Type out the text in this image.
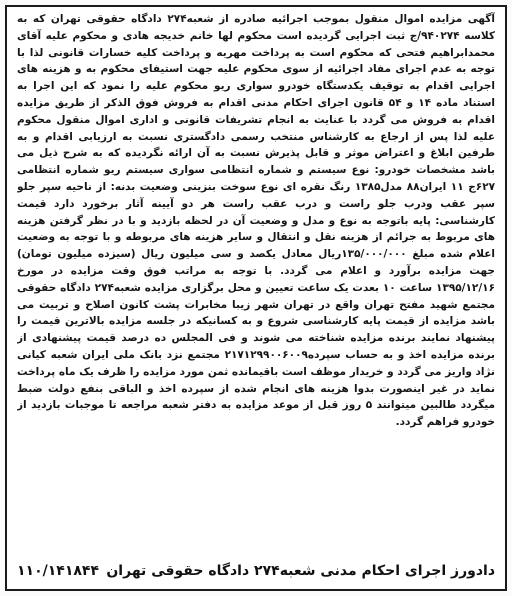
آگهی مزایده اموال منقول بموجب اجرائیه صادره از شعبه۲۷۴ دادگاه حقوقی تهران که به کلاسه ۹۴۰۲۷۴/ج ثبت اجرایی گردیده است محکوم لها خانم خدیجه هادی و محکوم علیه آقای محمدابراهیم فتحی که محکوم است به پرداخت مهریه و پرداخت کلیه خسارات قانونی لذا با توجه به عدم اجرای مفاد اجرائیه از سوی محکوم علیه جهت استیفای محکوم به و هزینه های اجرایی اقدام به توقیف یکدستگاه خودرو سواری ریو محکوم علیه را نمود که این اجرا به استناد ماده ۱۴ و ۵۴ قانون اجرای احکام مدنی اقدام به فروش فوق الذکر از طریق مزایده اقدام به فروش می گردد با عنایت به انجام تشریفات قانونی و اداری اموال منقول محکوم علیه لذا پس از ارجاع به کارشناس منتخب رسمی دادگستری نسبت به ارزیابی اقدام و به طرفین ابلاغ و اعتراض موثر و قابل پذیرش نسبت به آن ارائه نگردیده که به شرح ذیل می باشد مشخصات خودرو: نوع سیستم و شماره انتظامی سواری سیستم ریو شماره انتظامی ۶۲۷ج ۱۱ ایران۸۸ مدل۱۳۸۵ رنگ نقره ای نوع سوخت بنزینی وضعیت بدنه: از ناحیه سپر جلو سپر عقب ودرب جلو راست و درب عقب راست هر دو آیینه آثار برخورد دارد قیمت کارشناسی: پایه باتوجه به نوع و مدل و وضعیت آن در لحظه بازدید و با در نظر گرفتن هزینه های مربوط به جرائم از هزینه نقل و انتقال و سایر هزینه های مربوطه و با توجه به وضعیت اعلام شده مبلغ ۱۳۵/۰۰۰/۰۰۰ریال معادل یکصد و سی میلیون ریال (سیزده میلیون تومان) جهت مزایده برآورد و اعلام می گردد. با توجه به مراتب فوق وقت مزایده در مورخ ۱۳۹۵/۱۲/۱۶ ساعت ۱۰ بعدت یک ساعت تعیین و محل برگزاری مزایده شعبه۲۷۴ دادگاه حقوقی مجتمع شهید مفتح تهران واقع در تهران شهر زیبا مخابرات پشت کانون اصلاح و تربیت می باشد مزایده از قیمت پایه کارشناسی شروع و به کسانیکه در جلسه مزایده بالاترین قیمت را پیشنهاد نمایند برنده مزایده شناخته می شوند و فی المجلس ده درصد قیمت پیشنهادی از برنده مزایده اخذ و به حساب سپرده۲۱۷۱۲۹۹۰۰۶۰۰۹ مجتمع نزد بانک ملی ایران شعبه کیانی نژاد واریز می گردد و خریدار موظف است باقیمانده ثمن مورد مزایده را ظرف یک ماه پرداخت نماید در غیر اینصورت بدوا هزینه های انجام شده از سپرده اخذ و الباقی بنفع دولت ضبط میگردد طالبین میتوانند ۵ روز قبل از موعد مزایده به دفتر شعبه مراجعه تا موجبات بازدید از خودرو فراهم گردد.

دادورز اجرای احکام مدنی شعبه۲۷۴ دادگاه حقوقی تهران
۱۱۰/۱۴۱۸۴۴
